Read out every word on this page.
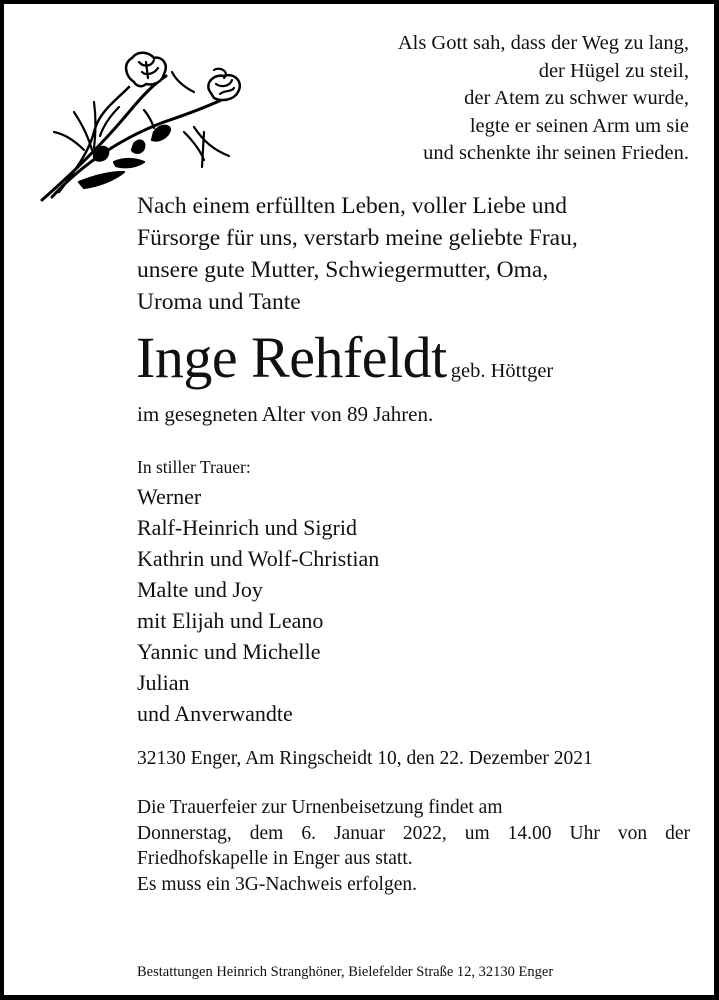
Als Gott sah, dass der Weg zu lang,
der Hügel zu steil,
der Atem zu schwer wurde,
legte er seinen Arm um sie
und schenkte ihr seinen Frieden.
Nach einem erfüllten Leben, voller Liebe und
Fürsorge für uns, verstarb meine geliebte Frau,
unsere gute Mutter, Schwiegermutter, Oma,
Uroma und Tante
Inge Rehfeldt geb. Höttger
im gesegneten Alter von 89 Jahren.
In stiller Trauer:
Werner
Ralf-Heinrich und Sigrid
Kathrin und Wolf-Christian
Malte und Joy
mit Elijah und Leano
Yannic und Michelle
Julian
und Anverwandte
32130 Enger, Am Ringscheidt 10, den 22. Dezember 2021
Die Trauerfeier zur Urnenbeisetzung findet am
Donnerstag, dem 6. Januar 2022, um 14.00 Uhr von der
Friedhofskapelle in Enger aus statt.
Es muss ein 3G-Nachweis erfolgen.
Bestattungen Heinrich Stranghöner, Bielefelder Straße 12, 32130 Enger
